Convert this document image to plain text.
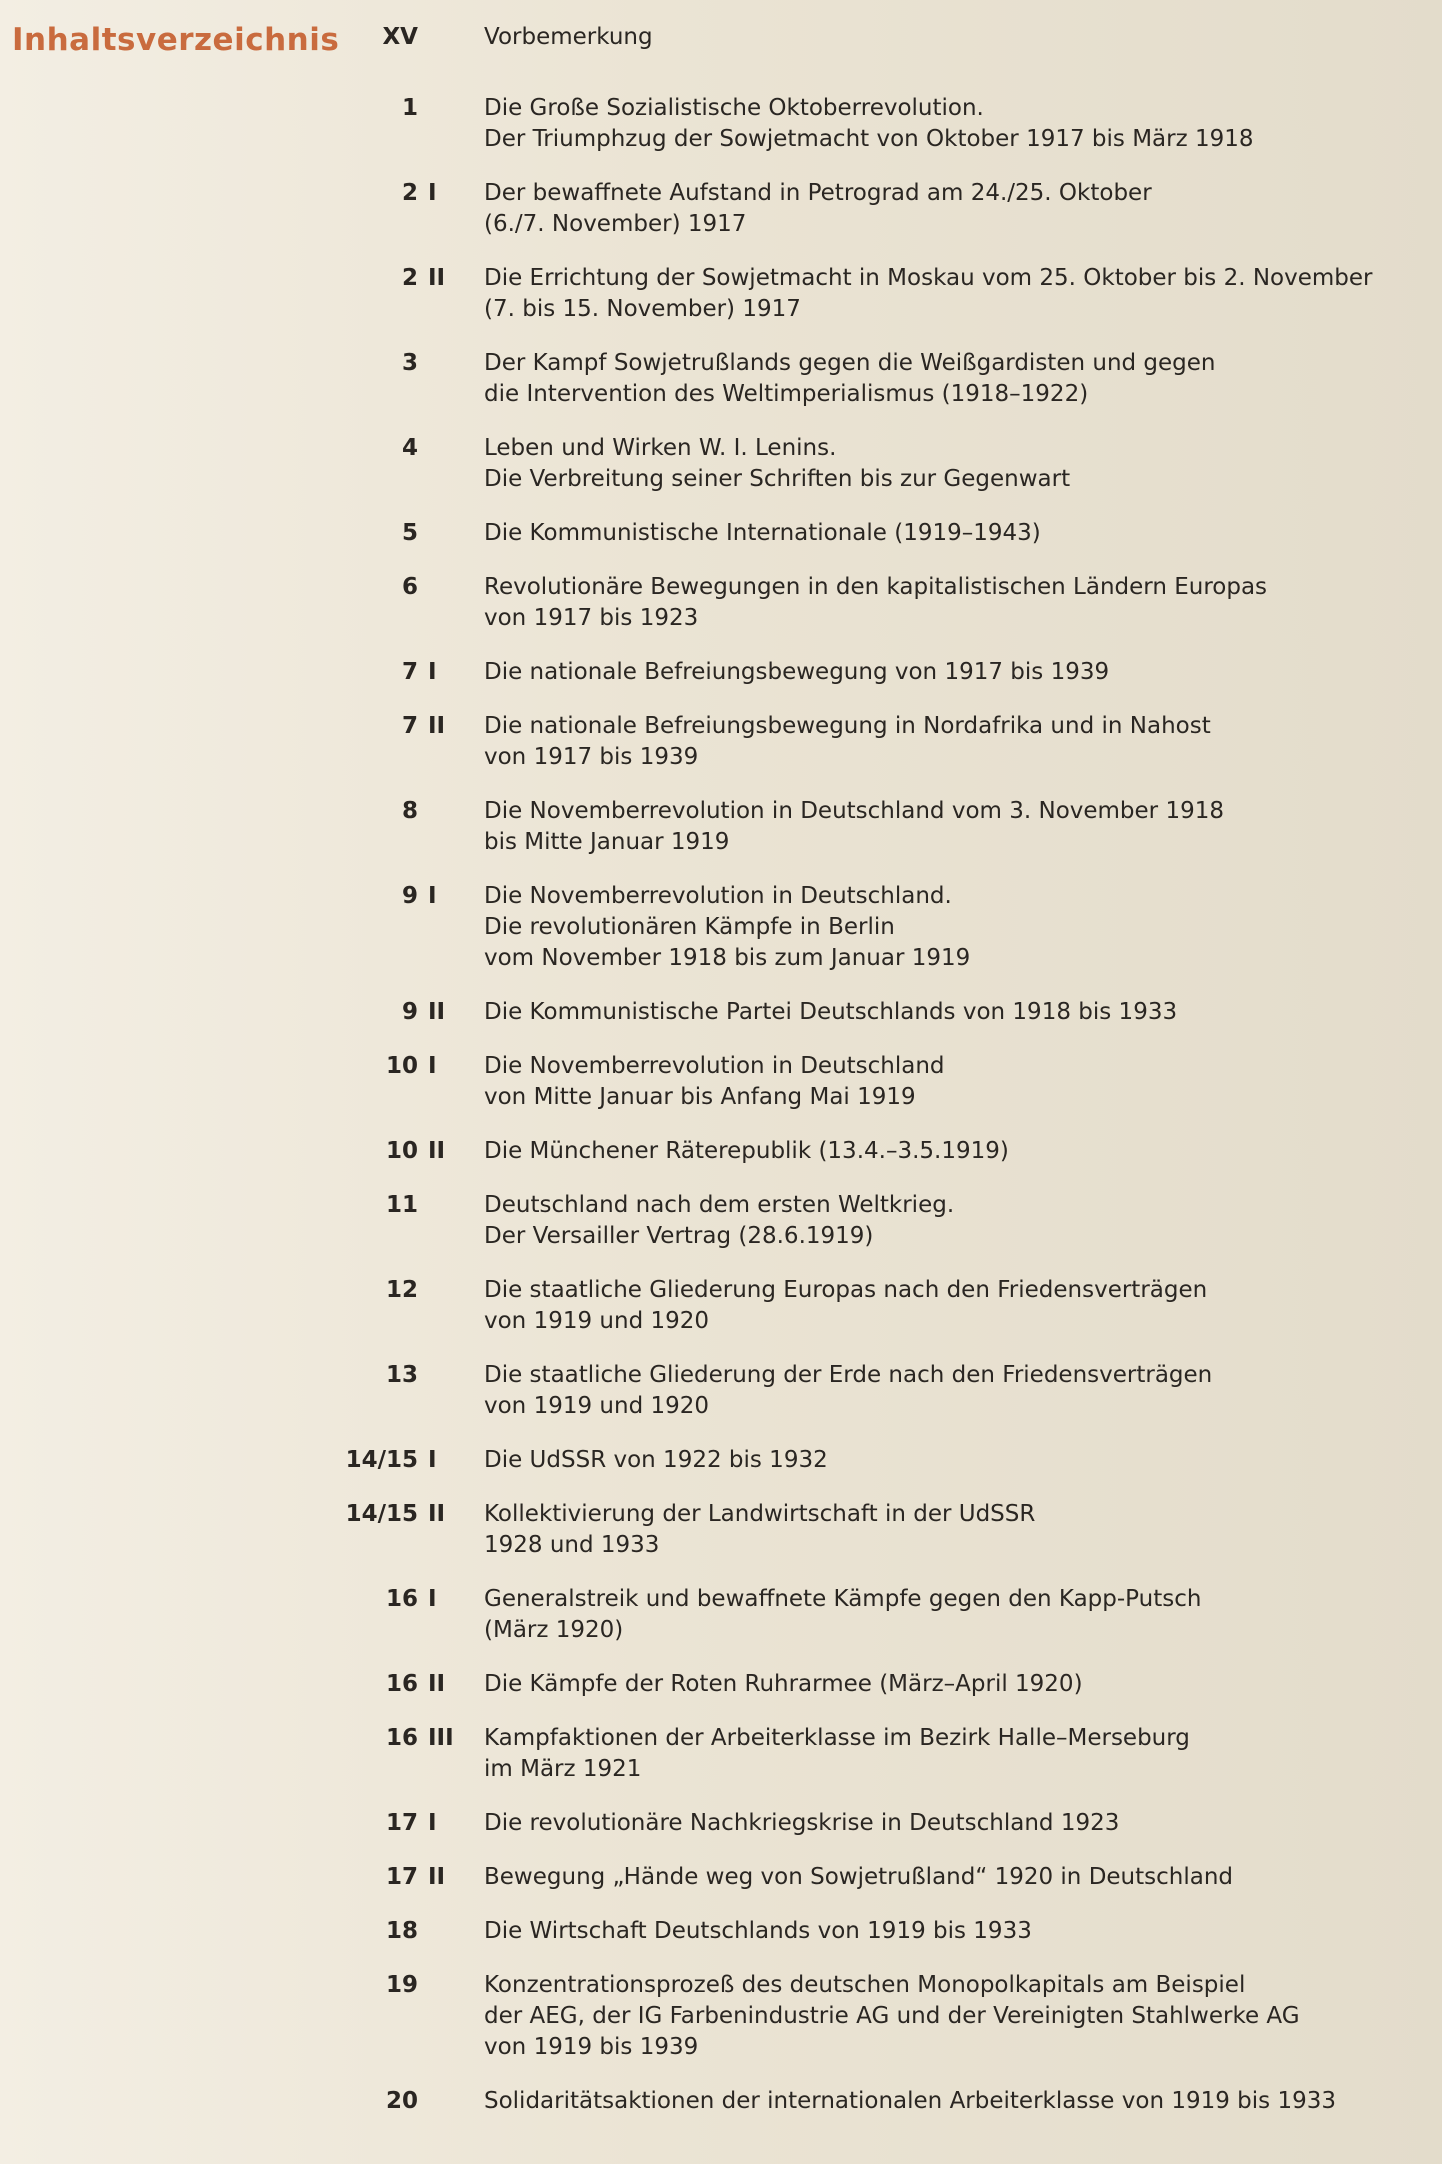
Inhaltsverzeichnis XV	Vorbemerkung
1	Die Große Sozialistische Oktoberrevolution.
Der Triumphzug der Sowjetmacht von Oktober 1917 bis März 1918
2 I	Der bewaffnete Aufstand in Petrograd am 24./25. Oktober
(6./7. November) 1917
2 II	Die Errichtung der Sowjetmacht in Moskau vom 25. Oktober bis 2. November
(7. bis 15. November) 1917
3	Der Kampf Sowjetrußlands gegen die Weißgardisten und gegen
die Intervention des Weltimperialismus (1918–1922)
4	Leben und Wirken W. I. Lenins.
Die Verbreitung seiner Schriften bis zur Gegenwart
5	Die Kommunistische Internationale (1919–1943)
6	Revolutionäre Bewegungen in den kapitalistischen Ländern Europas
von 1917 bis 1923
7 I	Die nationale Befreiungsbewegung von 1917 bis 1939
7 II	Die nationale Befreiungsbewegung in Nordafrika und in Nahost
von 1917 bis 1939
8	Die Novemberrevolution in Deutschland vom 3. November 1918
bis Mitte Januar 1919
9 I	Die Novemberrevolution in Deutschland.
Die revolutionären Kämpfe in Berlin
vom November 1918 bis zum Januar 1919
9 II	Die Kommunistische Partei Deutschlands von 1918 bis 1933
10 I	Die Novemberrevolution in Deutschland
von Mitte Januar bis Anfang Mai 1919
10 II	Die Münchener Räterepublik (13.4.–3.5.1919)
11	Deutschland nach dem ersten Weltkrieg.
Der Versailler Vertrag (28.6.1919)
12	Die staatliche Gliederung Europas nach den Friedensverträgen
von 1919 und 1920
13	Die staatliche Gliederung der Erde nach den Friedensverträgen
von 1919 und 1920
14/15 I	Die UdSSR von 1922 bis 1932
14/15 II	Kollektivierung der Landwirtschaft in der UdSSR
1928 und 1933
16 I	Generalstreik und bewaffnete Kämpfe gegen den Kapp-Putsch
(März 1920)
16 II	Die Kämpfe der Roten Ruhrarmee (März–April 1920)
16 III	Kampfaktionen der Arbeiterklasse im Bezirk Halle–Merseburg
im März 1921
17 I	Die revolutionäre Nachkriegskrise in Deutschland 1923
17 II	Bewegung „Hände weg von Sowjetrußland“ 1920 in Deutschland
18	Die Wirtschaft Deutschlands von 1919 bis 1933
19	Konzentrationsprozeß des deutschen Monopolkapitals am Beispiel
der AEG, der IG Farbenindustrie AG und der Vereinigten Stahlwerke AG
von 1919 bis 1939
20	Solidaritätsaktionen der internationalen Arbeiterklasse von 1919 bis 1933
